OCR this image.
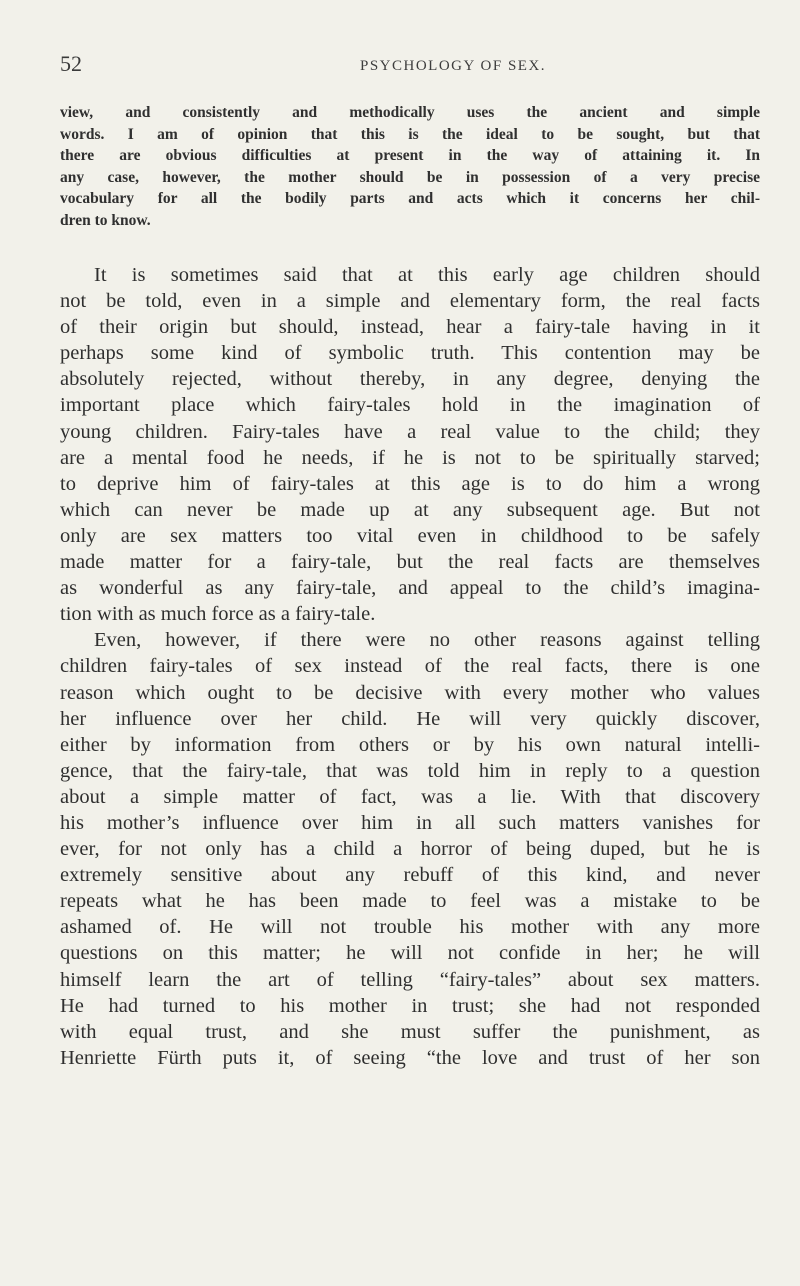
52	PSYCHOLOGY OF SEX.
view, and consistently and methodically uses the ancient and simple
words. I am of opinion that this is the ideal to be sought, but that
there are obvious difficulties at present in the way of attaining it. In
any case, however, the mother should be in possession of a very precise
vocabulary for all the bodily parts and acts which it concerns her chil-
dren to know.
It is sometimes said that at this early age children should
not be told, even in a simple and elementary form, the real facts
of their origin but should, instead, hear a fairy-tale having in it
perhaps some kind of symbolic truth. This contention may be
absolutely rejected, without thereby, in any degree, denying the
important place which fairy-tales hold in the imagination of
young children. Fairy-tales have a real value to the child; they
are a mental food he needs, if he is not to be spiritually starved;
to deprive him of fairy-tales at this age is to do him a wrong
which can never be made up at any subsequent age. But not
only are sex matters too vital even in childhood to be safely
made matter for a fairy-tale, but the real facts are themselves
as wonderful as any fairy-tale, and appeal to the child’s imagina-
tion with as much force as a fairy-tale.
Even, however, if there were no other reasons against telling
children fairy-tales of sex instead of the real facts, there is one
reason which ought to be decisive with every mother who values
her influence over her child. He will very quickly discover,
either by information from others or by his own natural intelli-
gence, that the fairy-tale, that was told him in reply to a question
about a simple matter of fact, was a lie. With that discovery
his mother’s influence over him in all such matters vanishes for
ever, for not only has a child a horror of being duped, but he is
extremely sensitive about any rebuff of this kind, and never
repeats what he has been made to feel was a mistake to be
ashamed of. He will not trouble his mother with any more
questions on this matter; he will not confide in her; he will
himself learn the art of telling “fairy-tales” about sex matters.
He had turned to his mother in trust; she had not responded
with equal trust, and she must suffer the punishment, as
Henriette Fürth puts it, of seeing “the love and trust of her son
